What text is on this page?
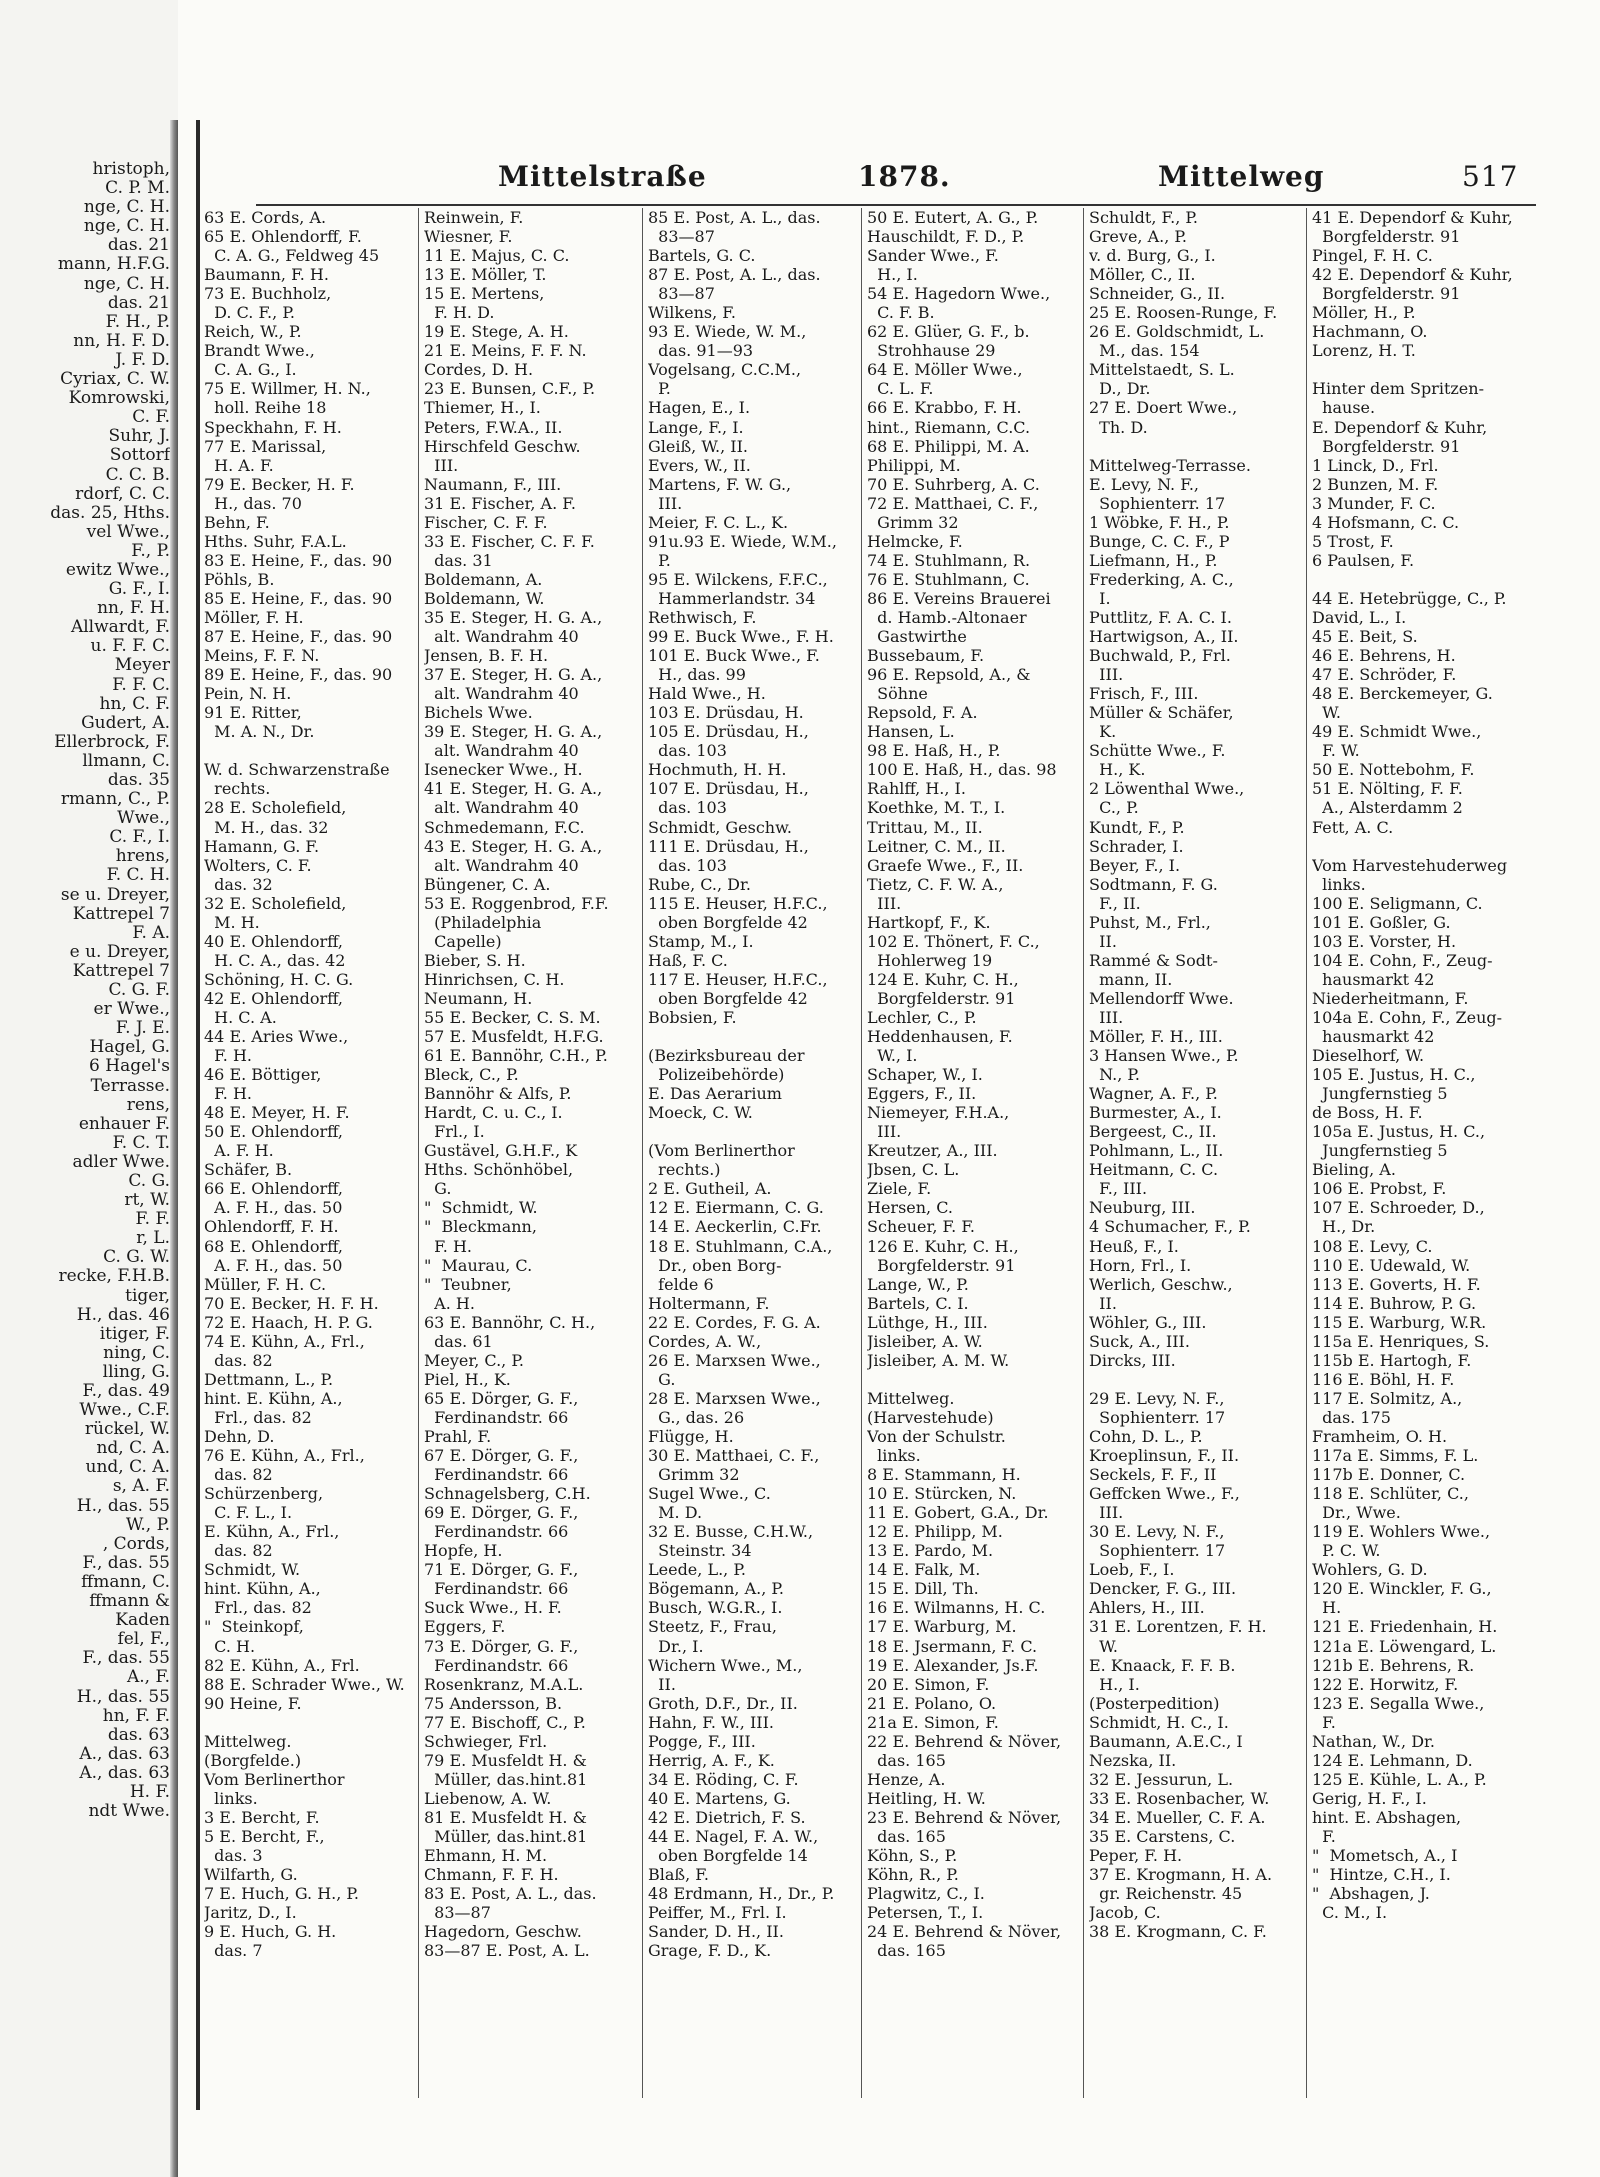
hristoph,
C. P. M.
nge, C. H.
nge, C. H.
das. 21
mann, H.F.G.
nge, C. H.
das. 21
F. H., P.
nn, H. F. D.
J. F. D.
Cyriax, C. W.
Komrowski,
C. F.
Suhr, J.
Sottorf
C. C. B.
rdorf, C. C.
das. 25, Hths.
vel Wwe.,
F., P.
ewitz Wwe.,
G. F., I.
nn, F. H.
Allwardt, F.
u. F. F. C.
Meyer
F. F. C.
hn, C. F.
Gudert, A.
Ellerbrock, F.
llmann, C.
das. 35
rmann, C., P.
Wwe.,
C. F., I.
hrens,
F. C. H.
se u. Dreyer,
Kattrepel 7
F. A.
e u. Dreyer,
Kattrepel 7
C. G. F.
er Wwe.,
F. J. E.
Hagel, G.
6 Hagel's
Terrasse.
rens,
enhauer F.
F. C. T.
adler Wwe.
C. G.
rt, W.
F. F.
r, L.
C. G. W.
recke, F.H.B.
tiger,
H., das. 46
itiger, F.
ning, C.
lling, G.
F., das. 49
Wwe., C.F.
rückel, W.
nd, C. A.
und, C. A.
s, A. F.
H., das. 55
W., P.
, Cords,
F., das. 55
ffmann, C.
ffmann &
Kaden
fel, F.,
F., das. 55
A., F.
H., das. 55
hn, F. F.
das. 63
A., das. 63
A., das. 63
H. F.
ndt Wwe.
Mittelstraße	1878.	Mittelweg	517
63 E. Cords, A.
65 E. Ohlendorff, F.
C. A. G., Feldweg 45
Baumann, F. H.
73 E. Buchholz,
D. C. F., P.
Reich, W., P.
Brandt Wwe.,
C. A. G., I.
75 E. Willmer, H. N.,
holl. Reihe 18
Speckhahn, F. H.
77 E. Marissal,
H. A. F.
79 E. Becker, H. F.
H., das. 70
Behn, F.
Hths. Suhr, F.A.L.
83 E. Heine, F., das. 90
Pöhls, B.
85 E. Heine, F., das. 90
Möller, F. H.
87 E. Heine, F., das. 90
Meins, F. F. N.
89 E. Heine, F., das. 90
Pein, N. H.
91 E. Ritter,
M. A. N., Dr.

W. d. Schwarzenstraße
rechts.
28 E. Scholefield,
M. H., das. 32
Hamann, G. F.
Wolters, C. F.
das. 32
32 E. Scholefield,
M. H.
40 E. Ohlendorff,
H. C. A., das. 42
Schöning, H. C. G.
42 E. Ohlendorff,
H. C. A.
44 E. Aries Wwe.,
F. H.
46 E. Böttiger,
F. H.
48 E. Meyer, H. F.
50 E. Ohlendorff,
A. F. H.
Schäfer, B.
66 E. Ohlendorff,
A. F. H., das. 50
Ohlendorff, F. H.
68 E. Ohlendorff,
A. F. H., das. 50
Müller, F. H. C.
70 E. Becker, H. F. H.
72 E. Haach, H. P. G.
74 E. Kühn, A., Frl.,
das. 82
Dettmann, L., P.
hint. E. Kühn, A.,
Frl., das. 82
Dehn, D.
76 E. Kühn, A., Frl.,
das. 82
Schürzenberg,
C. F. L., I.
E. Kühn, A., Frl.,
das. 82
Schmidt, W.
hint. Kühn, A.,
Frl., das. 82
"  Steinkopf,
C. H.
82 E. Kühn, A., Frl.
88 E. Schrader Wwe., W.
90 Heine, F.

Mittelweg.
(Borgfelde.)
Vom Berlinerthor
links.
3 E. Bercht, F.
5 E. Bercht, F.,
das. 3
Wilfarth, G.
7 E. Huch, G. H., P.
Jaritz, D., I.
9 E. Huch, G. H.
das. 7
Reinwein, F.
Wiesner, F.
11 E. Majus, C. C.
13 E. Möller, T.
15 E. Mertens,
F. H. D.
19 E. Stege, A. H.
21 E. Meins, F. F. N.
Cordes, D. H.
23 E. Bunsen, C.F., P.
Thiemer, H., I.
Peters, F.W.A., II.
Hirschfeld Geschw.
III.
Naumann, F., III.
31 E. Fischer, A. F.
Fischer, C. F. F.
33 E. Fischer, C. F. F.
das. 31
Boldemann, A.
Boldemann, W.
35 E. Steger, H. G. A.,
alt. Wandrahm 40
Jensen, B. F. H.
37 E. Steger, H. G. A.,
alt. Wandrahm 40
Bichels Wwe.
39 E. Steger, H. G. A.,
alt. Wandrahm 40
Isenecker Wwe., H.
41 E. Steger, H. G. A.,
alt. Wandrahm 40
Schmedemann, F.C.
43 E. Steger, H. G. A.,
alt. Wandrahm 40
Büngener, C. A.
53 E. Roggenbrod, F.F.
(Philadelphia
Capelle)
Bieber, S. H.
Hinrichsen, C. H.
Neumann, H.
55 E. Becker, C. S. M.
57 E. Musfeldt, H.F.G.
61 E. Bannöhr, C.H., P.
Bleck, C., P.
Bannöhr & Alfs, P.
Hardt, C. u. C., I.
Frl., I.
Gustävel, G.H.F., K
Hths. Schönhöbel,
G.
"  Schmidt, W.
"  Bleckmann,
F. H.
"  Maurau, C.
"  Teubner,
A. H.
63 E. Bannöhr, C. H.,
das. 61
Meyer, C., P.
Piel, H., K.
65 E. Dörger, G. F.,
Ferdinandstr. 66
Prahl, F.
67 E. Dörger, G. F.,
Ferdinandstr. 66
Schnagelsberg, C.H.
69 E. Dörger, G. F.,
Ferdinandstr. 66
Hopfe, H.
71 E. Dörger, G. F.,
Ferdinandstr. 66
Suck Wwe., H. F.
Eggers, F.
73 E. Dörger, G. F.,
Ferdinandstr. 66
Rosenkranz, M.A.L.
75 Andersson, B.
77 E. Bischoff, C., P.
Schwieger, Frl.
79 E. Musfeldt H. &
Müller, das.hint.81
Liebenow, A. W.
81 E. Musfeldt H. &
Müller, das.hint.81
Ehmann, H. M.
Chmann, F. F. H.
83 E. Post, A. L., das.
83—87
Hagedorn, Geschw.
83—87 E. Post, A. L.
85 E. Post, A. L., das.
83—87
Bartels, G. C.
87 E. Post, A. L., das.
83—87
Wilkens, F.
93 E. Wiede, W. M.,
das. 91—93
Vogelsang, C.C.M.,
P.
Hagen, E., I.
Lange, F., I.
Gleiß, W., II.
Evers, W., II.
Martens, F. W. G.,
III.
Meier, F. C. L., K.
91u.93 E. Wiede, W.M.,
P.
95 E. Wilckens, F.F.C.,
Hammerlandstr. 34
Rethwisch, F.
99 E. Buck Wwe., F. H.
101 E. Buck Wwe., F.
H., das. 99
Hald Wwe., H.
103 E. Drüsdau, H.
105 E. Drüsdau, H.,
das. 103
Hochmuth, H. H.
107 E. Drüsdau, H.,
das. 103
Schmidt, Geschw.
111 E. Drüsdau, H.,
das. 103
Rube, C., Dr.
115 E. Heuser, H.F.C.,
oben Borgfelde 42
Stamp, M., I.
Haß, F. C.
117 E. Heuser, H.F.C.,
oben Borgfelde 42
Bobsien, F.

(Bezirksbureau der
Polizeibehörde)
E. Das Aerarium
Moeck, C. W.

(Vom Berlinerthor
rechts.)
2 E. Gutheil, A.
12 E. Eiermann, C. G.
14 E. Aeckerlin, C.Fr.
18 E. Stuhlmann, C.A.,
Dr., oben Borg-
felde 6
Holtermann, F.
22 E. Cordes, F. G. A.
Cordes, A. W.,
26 E. Marxsen Wwe.,
G.
28 E. Marxsen Wwe.,
G., das. 26
Flügge, H.
30 E. Matthaei, C. F.,
Grimm 32
Sugel Wwe., C.
M. D.
32 E. Busse, C.H.W.,
Steinstr. 34
Leede, L., P.
Bögemann, A., P.
Busch, W.G.R., I.
Steetz, F., Frau,
Dr., I.
Wichern Wwe., M.,
II.
Groth, D.F., Dr., II.
Hahn, F. W., III.
Pogge, F., III.
Herrig, A. F., K.
34 E. Röding, C. F.
40 E. Martens, G.
42 E. Dietrich, F. S.
44 E. Nagel, F. A. W.,
oben Borgfelde 14
Blaß, F.
48 Erdmann, H., Dr., P.
Peiffer, M., Frl. I.
Sander, D. H., II.
Grage, F. D., K.
50 E. Eutert, A. G., P.
Hauschildt, F. D., P.
Sander Wwe., F.
H., I.
54 E. Hagedorn Wwe.,
C. F. B.
62 E. Glüer, G. F., b.
Strohhause 29
64 E. Möller Wwe.,
C. L. F.
66 E. Krabbo, F. H.
hint., Riemann, C.C.
68 E. Philippi, M. A.
Philippi, M.
70 E. Suhrberg, A. C.
72 E. Matthaei, C. F.,
Grimm 32
Helmcke, F.
74 E. Stuhlmann, R.
76 E. Stuhlmann, C.
86 E. Vereins Brauerei
d. Hamb.-Altonaer
Gastwirthe
Bussebaum, F.
96 E. Repsold, A., &
Söhne
Repsold, F. A.
Hansen, L.
98 E. Haß, H., P.
100 E. Haß, H., das. 98
Rahlff, H., I.
Koethke, M. T., I.
Trittau, M., II.
Leitner, C. M., II.
Graefe Wwe., F., II.
Tietz, C. F. W. A.,
III.
Hartkopf, F., K.
102 E. Thönert, F. C.,
Hohlerweg 19
124 E. Kuhr, C. H.,
Borgfelderstr. 91
Lechler, C., P.
Heddenhausen, F.
W., I.
Schaper, W., I.
Eggers, F., II.
Niemeyer, F.H.A.,
III.
Kreutzer, A., III.
Jbsen, C. L.
Ziele, F.
Hersen, C.
Scheuer, F. F.
126 E. Kuhr, C. H.,
Borgfelderstr. 91
Lange, W., P.
Bartels, C. I.
Lüthge, H., III.
Jisleiber, A. W.
Jisleiber, A. M. W.

Mittelweg.
(Harvestehude)
Von der Schulstr.
links.
8 E. Stammann, H.
10 E. Stürcken, N.
11 E. Gobert, G.A., Dr.
12 E. Philipp, M.
13 E. Pardo, M.
14 E. Falk, M.
15 E. Dill, Th.
16 E. Wilmanns, H. C.
17 E. Warburg, M.
18 E. Jsermann, F. C.
19 E. Alexander, Js.F.
20 E. Simon, F.
21 E. Polano, O.
21a E. Simon, F.
22 E. Behrend & Növer,
das. 165
Henze, A.
Heitling, H. W.
23 E. Behrend & Növer,
das. 165
Köhn, S., P.
Köhn, R., P.
Plagwitz, C., I.
Petersen, T., I.
24 E. Behrend & Növer,
das. 165
Schuldt, F., P.
Greve, A., P.
v. d. Burg, G., I.
Möller, C., II.
Schneider, G., II.
25 E. Roosen-Runge, F.
26 E. Goldschmidt, L.
M., das. 154
Mittelstaedt, S. L.
D., Dr.
27 E. Doert Wwe.,
Th. D.

Mittelweg-Terrasse.
E. Levy, N. F.,
Sophienterr. 17
1 Wöbke, F. H., P.
Bunge, C. C. F., P
Liefmann, H., P.
Frederking, A. C.,
I.
Puttlitz, F. A. C. I.
Hartwigson, A., II.
Buchwald, P., Frl.
III.
Frisch, F., III.
Müller & Schäfer,
K.
Schütte Wwe., F.
H., K.
2 Löwenthal Wwe.,
C., P.
Kundt, F., P.
Schrader, I.
Beyer, F., I.
Sodtmann, F. G.
F., II.
Puhst, M., Frl.,
II.
Rammé & Sodt-
mann, II.
Mellendorff Wwe.
III.
Möller, F. H., III.
3 Hansen Wwe., P.
N., P.
Wagner, A. F., P.
Burmester, A., I.
Bergeest, C., II.
Pohlmann, L., II.
Heitmann, C. C.
F., III.
Neuburg, III.
4 Schumacher, F., P.
Heuß, F., I.
Horn, Frl., I.
Werlich, Geschw.,
II.
Wöhler, G., III.
Suck, A., III.
Dircks, III.

29 E. Levy, N. F.,
Sophienterr. 17
Cohn, D. L., P.
Kroeplinsun, F., II.
Seckels, F. F., II
Geffcken Wwe., F.,
III.
30 E. Levy, N. F.,
Sophienterr. 17
Loeb, F., I.
Dencker, F. G., III.
Ahlers, H., III.
31 E. Lorentzen, F. H.
W.
E. Knaack, F. F. B.
H., I.
(Posterpedition)
Schmidt, H. C., I.
Baumann, A.E.C., I
Nezska, II.
32 E. Jessurun, L.
33 E. Rosenbacher, W.
34 E. Mueller, C. F. A.
35 E. Carstens, C.
Peper, F. H.
37 E. Krogmann, H. A.
gr. Reichenstr. 45
Jacob, C.
38 E. Krogmann, C. F.
41 E. Dependorf & Kuhr,
Borgfelderstr. 91
Pingel, F. H. C.
42 E. Dependorf & Kuhr,
Borgfelderstr. 91
Möller, H., P.
Hachmann, O.
Lorenz, H. T.

Hinter dem Spritzen-
hause.
E. Dependorf & Kuhr,
Borgfelderstr. 91
1 Linck, D., Frl.
2 Bunzen, M. F.
3 Munder, F. C.
4 Hofsmann, C. C.
5 Trost, F.
6 Paulsen, F.

44 E. Hetebrügge, C., P.
David, L., I.
45 E. Beit, S.
46 E. Behrens, H.
47 E. Schröder, F.
48 E. Berckemeyer, G.
W.
49 E. Schmidt Wwe.,
F. W.
50 E. Nottebohm, F.
51 E. Nölting, F. F.
A., Alsterdamm 2
Fett, A. C.

Vom Harvestehuderweg
links.
100 E. Seligmann, C.
101 E. Goßler, G.
103 E. Vorster, H.
104 E. Cohn, F., Zeug-
hausmarkt 42
Niederheitmann, F.
104a E. Cohn, F., Zeug-
hausmarkt 42
Dieselhorf, W.
105 E. Justus, H. C.,
Jungfernstieg 5
de Boss, H. F.
105a E. Justus, H. C.,
Jungfernstieg 5
Bieling, A.
106 E. Probst, F.
107 E. Schroeder, D.,
H., Dr.
108 E. Levy, C.
110 E. Udewald, W.
113 E. Goverts, H. F.
114 E. Buhrow, P. G.
115 E. Warburg, W.R.
115a E. Henriques, S.
115b E. Hartogh, F.
116 E. Böhl, H. F.
117 E. Solmitz, A.,
das. 175
Framheim, O. H.
117a E. Simms, F. L.
117b E. Donner, C.
118 E. Schlüter, C.,
Dr., Wwe.
119 E. Wohlers Wwe.,
P. C. W.
Wohlers, G. D.
120 E. Winckler, F. G.,
H.
121 E. Friedenhain, H.
121a E. Löwengard, L.
121b E. Behrens, R.
122 E. Horwitz, F.
123 E. Segalla Wwe.,
F.
Nathan, W., Dr.
124 E. Lehmann, D.
125 E. Kühle, L. A., P.
Gerig, H. F., I.
hint. E. Abshagen,
F.
"  Mometsch, A., I
"  Hintze, C.H., I.
"  Abshagen, J.
C. M., I.
